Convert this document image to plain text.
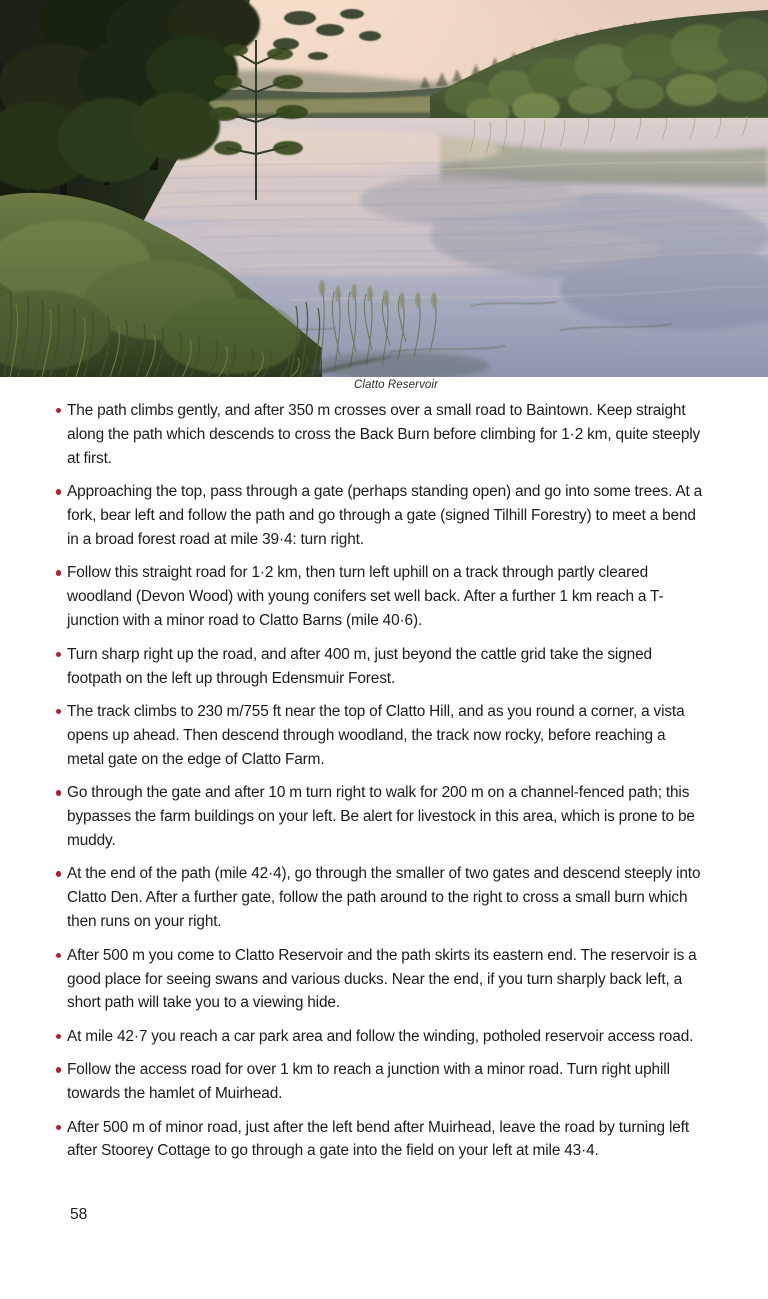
Clatto Reservoir
The path climbs gently, and after 350 m crosses over a small road to Baintown. Keep straight along the path which descends to cross the Back Burn before climbing for 1·2 km, quite steeply at first.
Approaching the top, pass through a gate (perhaps standing open) and go into some trees. At a fork, bear left and follow the path and go through a gate (signed Tilhill Forestry) to meet a bend in a broad forest road at mile 39·4: turn right.
Follow this straight road for 1·2 km, then turn left uphill on a track through partly cleared woodland (Devon Wood) with young conifers set well back. After a further 1 km reach a T-junction with a minor road to Clatto Barns (mile 40·6).
Turn sharp right up the road, and after 400 m, just beyond the cattle grid take the signed footpath on the left up through Edensmuir Forest.
The track climbs to 230 m/755 ft near the top of Clatto Hill, and as you round a corner, a vista opens up ahead. Then descend through woodland, the track now rocky, before reaching a metal gate on the edge of Clatto Farm.
Go through the gate and after 10 m turn right to walk for 200 m on a channel-fenced path; this bypasses the farm buildings on your left. Be alert for livestock in this area, which is prone to be muddy.
At the end of the path (mile 42·4), go through the smaller of two gates and descend steeply into Clatto Den. After a further gate, follow the path around to the right to cross a small burn which then runs on your right.
After 500 m you come to Clatto Reservoir and the path skirts its eastern end. The reservoir is a good place for seeing swans and various ducks. Near the end, if you turn sharply back left, a short path will take you to a viewing hide.
At mile 42·7 you reach a car park area and follow the winding, potholed reservoir access road.
Follow the access road for over 1 km to reach a junction with a minor road. Turn right uphill towards the hamlet of Muirhead.
After 500 m of minor road, just after the left bend after Muirhead, leave the road by turning left after Stoorey Cottage to go through a gate into the field on your left at mile 43·4.
58
